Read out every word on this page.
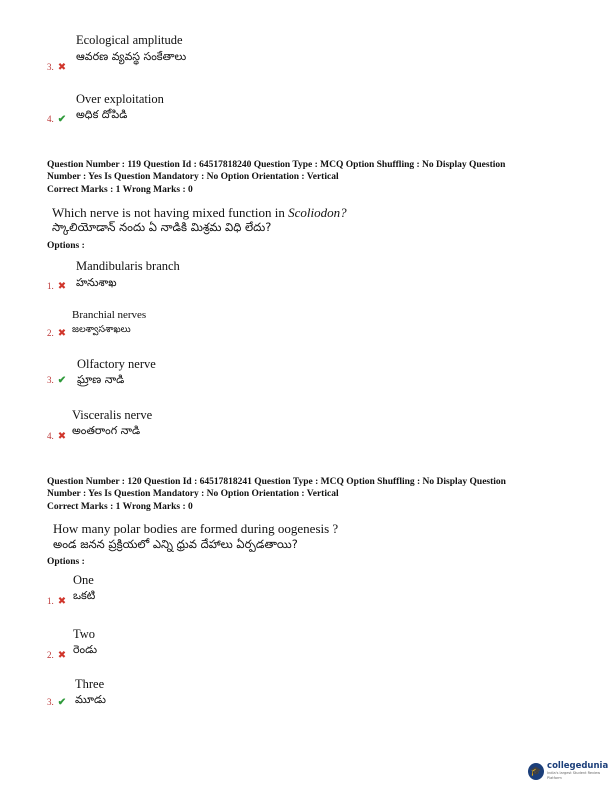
Ecological amplitude
ఆవరణ వ్యవస్థ సంకేతాలు
3. ✖
Over exploitation
అధిక దోపిడి
4. ✔
Question Number : 119 Question Id : 64517818240 Question Type : MCQ Option Shuffling : No Display Question
Number : Yes Is Question Mandatory : No Option Orientation : Vertical
Correct Marks : 1 Wrong Marks : 0
Which nerve is not having mixed function in Scoliodon?
స్కాలియోడాన్ నందు ఏ నాడికి మిశ్రమ విధి లేదు?
Options :
Mandibularis branch
హనుశాఖ
1. ✖
Branchial nerves
జలశ్వాసశాఖలు
2. ✖
Olfactory nerve
ఘ్రాణ నాడి
3. ✔
Visceralis nerve
అంతరాంగ నాడి
4. ✖
Question Number : 120 Question Id : 64517818241 Question Type : MCQ Option Shuffling : No Display Question
Number : Yes Is Question Mandatory : No Option Orientation : Vertical
Correct Marks : 1 Wrong Marks : 0
How many polar bodies are formed during oogenesis ?
అండ జనన ప్రక్రియలో ఎన్ని ధ్రువ దేహాలు ఏర్పడతాయి?
Options :
One
ఒకటి
1. ✖
Two
రెండు
2. ✖
Three
మూడు
3. ✔
🎓
collegedunia
India's largest Student Review Platform
